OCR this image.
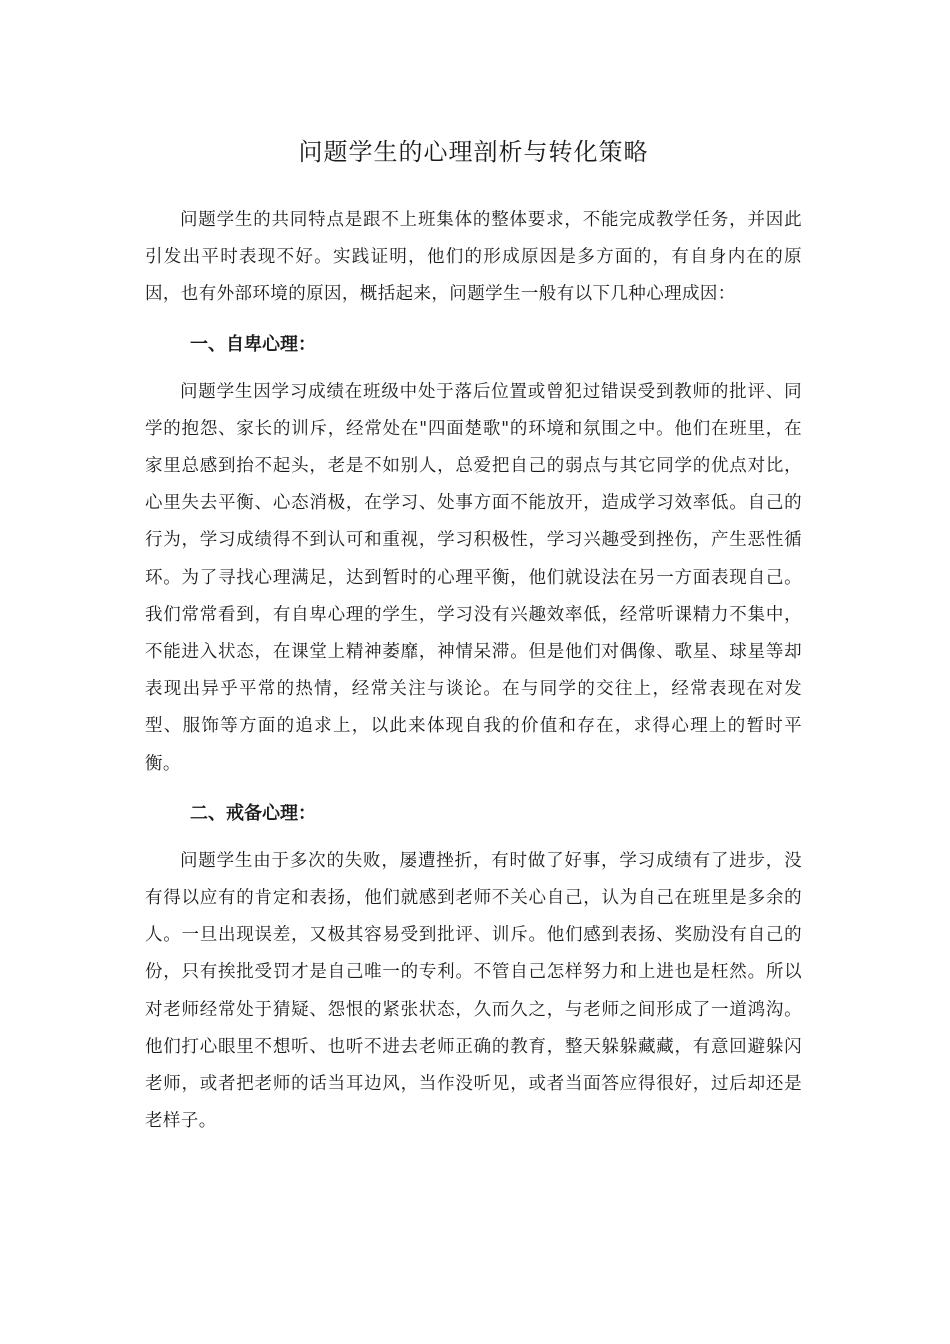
问题学生的心理剖析与转化策略

问题学生的共同特点是跟不上班集体的整体要求，不能完成教学任务，并因此引发出平时表现不好。实践证明，他们的形成原因是多方面的，有自身内在的原因，也有外部环境的原因，概括起来，问题学生一般有以下几种心理成因：

一、自卑心理：

问题学生因学习成绩在班级中处于落后位置或曾犯过错误受到教师的批评、同学的抱怨、家长的训斥，经常处在"四面楚歌"的环境和氛围之中。他们在班里，在家里总感到抬不起头，老是不如别人，总爱把自己的弱点与其它同学的优点对比，心里失去平衡、心态消极，在学习、处事方面不能放开，造成学习效率低。自己的行为，学习成绩得不到认可和重视，学习积极性，学习兴趣受到挫伤，产生恶性循环。为了寻找心理满足，达到暂时的心理平衡，他们就设法在另一方面表现自己。我们常常看到，有自卑心理的学生，学习没有兴趣效率低，经常听课精力不集中，不能进入状态，在课堂上精神萎靡，神情呆滞。但是他们对偶像、歌星、球星等却表现出异乎平常的热情，经常关注与谈论。在与同学的交往上，经常表现在对发型、服饰等方面的追求上，以此来体现自我的价值和存在，求得心理上的暂时平衡。

二、戒备心理：

问题学生由于多次的失败，屡遭挫折，有时做了好事，学习成绩有了进步，没有得以应有的肯定和表扬，他们就感到老师不关心自己，认为自己在班里是多余的人。一旦出现误差，又极其容易受到批评、训斥。他们感到表扬、奖励没有自己的份，只有挨批受罚才是自己唯一的专利。不管自己怎样努力和上进也是枉然。所以对老师经常处于猜疑、怨恨的紧张状态，久而久之，与老师之间形成了一道鸿沟。他们打心眼里不想听、也听不进去老师正确的教育，整天躲躲藏藏，有意回避躲闪老师，或者把老师的话当耳边风，当作没听见，或者当面答应得很好，过后却还是老样子。
